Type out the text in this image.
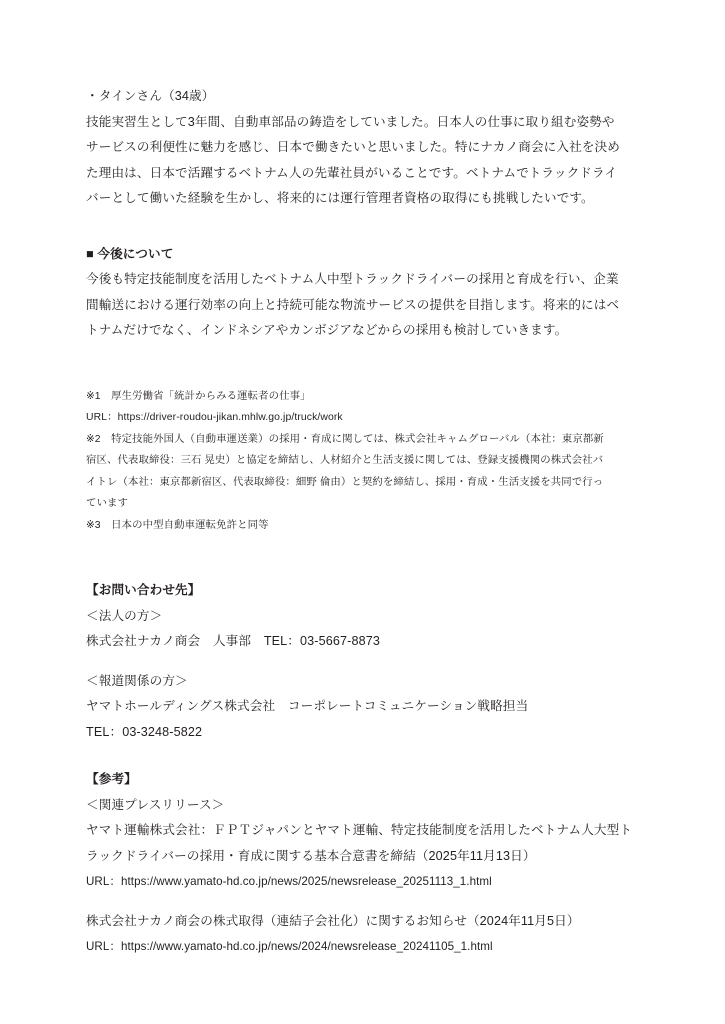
・タインさん（34歳）

技能実習生として3年間、自動車部品の鋳造をしていました。日本人の仕事に取り組む姿勢や

サービスの利便性に魅力を感じ、日本で働きたいと思いました。特にナカノ商会に入社を決め

た理由は、日本で活躍するベトナム人の先輩社員がいることです。ベトナムでトラックドライ

バーとして働いた経験を生かし、将来的には運行管理者資格の取得にも挑戦したいです。

■ 今後について

今後も特定技能制度を活用したベトナム人中型トラックドライバーの採用と育成を行い、企業

間輸送における運行効率の向上と持続可能な物流サービスの提供を目指します。将来的にはベ

トナムだけでなく、インドネシアやカンボジアなどからの採用も検討していきます。

※1　厚生労働省「統計からみる運転者の仕事」

URL：https://driver-roudou-jikan.mhlw.go.jp/truck/work

※2　特定技能外国人（自動車運送業）の採用・育成に関しては、株式会社キャムグローバル（本社：東京都新

宿区、代表取締役：三石 晃史）と協定を締結し、人材紹介と生活支援に関しては、登録支援機関の株式会社バ

イトレ（本社：東京都新宿区、代表取締役：細野 倫由）と契約を締結し、採用・育成・生活支援を共同で行っ

ています

※3　日本の中型自動車運転免許と同等

【お問い合わせ先】

＜法人の方＞

株式会社ナカノ商会　人事部　TEL：03-5667-8873

＜報道関係の方＞

ヤマトホールディングス株式会社　コーポレートコミュニケーション戦略担当

TEL：03-3248-5822

【参考】

＜関連プレスリリース＞

ヤマト運輸株式会社：ＦＰＴジャパンとヤマト運輸、特定技能制度を活用したベトナム人大型ト

ラックドライバーの採用・育成に関する基本合意書を締結（2025年11月13日）

URL：https://www.yamato-hd.co.jp/news/2025/newsrelease_20251113_1.html

株式会社ナカノ商会の株式取得（連結子会社化）に関するお知らせ（2024年11月5日）

URL：https://www.yamato-hd.co.jp/news/2024/newsrelease_20241105_1.html
